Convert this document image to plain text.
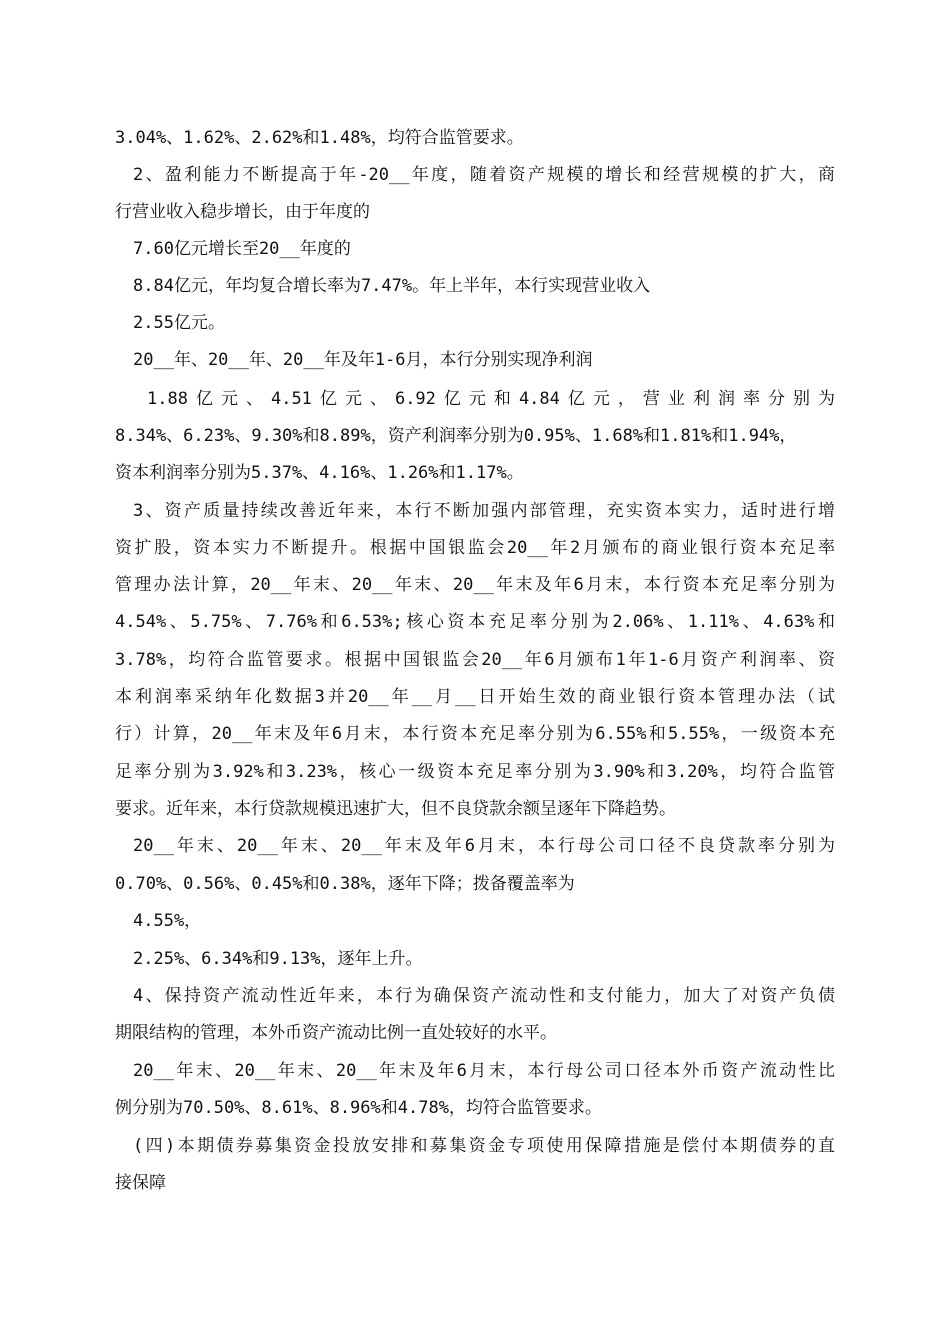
3.04%、1.62%、2.62%和1.48%，均符合监管要求。
2、盈利能力不断提高于年-20__年度，随着资产规模的增长和经营规模的扩大，商
行营业收入稳步增长，由于年度的
7.60亿元增长至20__年度的
8.84亿元，年均复合增长率为7.47%。年上半年，本行实现营业收入
2.55亿元。
20__年、20__年、20__年及年1-6月，本行分别实现净利润
1.88亿元、4.51亿元、6.92亿元和4.84亿元，营业利润率分别为
8.34%、6.23%、9.30%和8.89%，资产利润率分别为0.95%、1.68%和1.81%和1.94%，
资本利润率分别为5.37%、4.16%、1.26%和1.17%。
3、资产质量持续改善近年来，本行不断加强内部管理，充实资本实力，适时进行增
资扩股，资本实力不断提升。根据中国银监会20__年2月颁布的商业银行资本充足率
管理办法计算，20__年末、20__年末、20__年末及年6月末，本行资本充足率分别为
4.54%、5.75%、7.76%和6.53%;核心资本充足率分别为2.06%、1.11%、4.63%和
3.78%，均符合监管要求。根据中国银监会20__年6月颁布1年1-6月资产利润率、资
本利润率采纳年化数据3并20__年__月__日开始生效的商业银行资本管理办法（试
行）计算，20__年末及年6月末，本行资本充足率分别为6.55%和5.55%，一级资本充
足率分别为3.92%和3.23%，核心一级资本充足率分别为3.90%和3.20%，均符合监管
要求。近年来，本行贷款规模迅速扩大，但不良贷款余额呈逐年下降趋势。
20__年末、20__年末、20__年末及年6月末，本行母公司口径不良贷款率分别为
0.70%、0.56%、0.45%和0.38%，逐年下降；拨备覆盖率为
4.55%，
2.25%、6.34%和9.13%，逐年上升。
4、保持资产流动性近年来，本行为确保资产流动性和支付能力，加大了对资产负债
期限结构的管理，本外币资产流动比例一直处较好的水平。
20__年末、20__年末、20__年末及年6月末，本行母公司口径本外币资产流动性比
例分别为70.50%、8.61%、8.96%和4.78%，均符合监管要求。
(四)本期债券募集资金投放安排和募集资金专项使用保障措施是偿付本期债券的直
接保障
